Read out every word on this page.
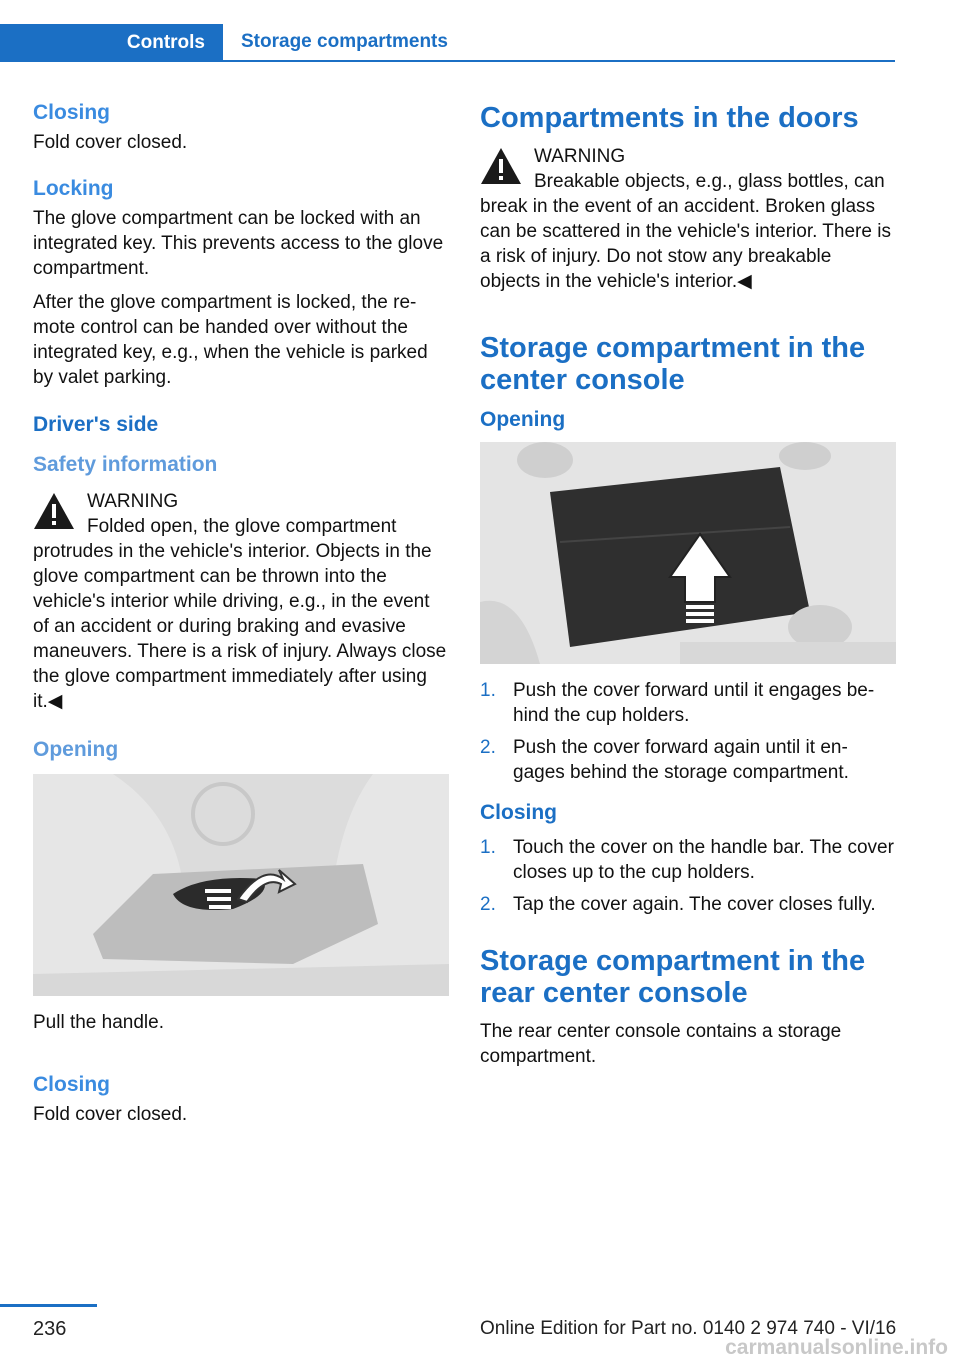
Controls	Storage compartments
Closing

Fold cover closed.

Locking

The glove compartment can be locked with an integrated key. This prevents access to the glove compartment.

After the glove compartment is locked, the re-mote control can be handed over without the integrated key, e.g., when the vehicle is parked by valet parking.

Driver's side
Safety information

WARNING

Folded open, the glove compartment protrudes in the vehicle's interior. Objects in the glove compartment can be thrown into the vehicle's interior while driving, e.g., in the event of an accident or during braking and evasive maneuvers. There is a risk of injury. Always close the glove compartment immediately after using it.◀

Opening

Pull the handle.

Closing

Fold cover closed.

Compartments in the doors

WARNING

Breakable objects, e.g., glass bottles, can break in the event of an accident. Broken glass can be scattered in the vehicle's interior. There is a risk of injury. Do not stow any breakable objects in the vehicle's interior.◀

Storage compartment in the center console
Opening
1. Push the cover forward until it engages be-hind the cup holders.
2. Push the cover forward again until it en-gages behind the storage compartment.
Closing
1. Touch the cover on the handle bar. The cover closes up to the cup holders.
2. Tap the cover again. The cover closes fully.
Storage compartment in the rear center console

The rear center console contains a storage compartment.

236	Online Edition for Part no. 0140 2 974 740 - VI/16
carmanualsonline.info
